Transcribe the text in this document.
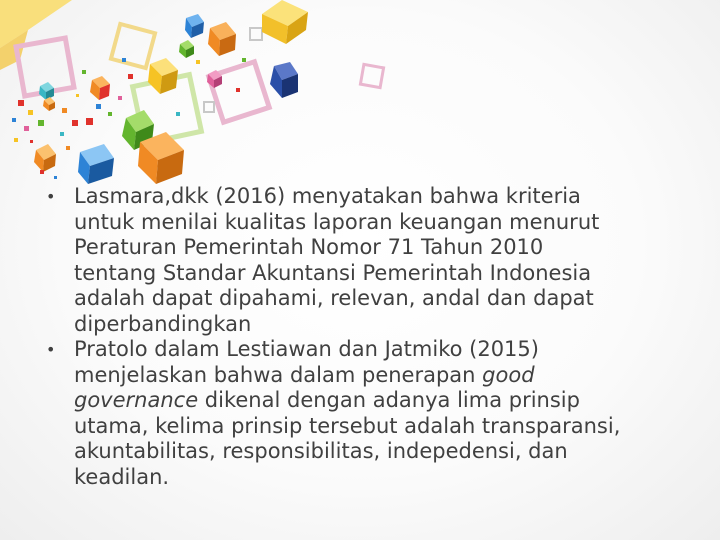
• Lasmara,dkk (2016) menyatakan bahwa kriteria
untuk menilai kualitas laporan keuangan menurut
Peraturan Pemerintah Nomor 71 Tahun 2010
tentang Standar Akuntansi Pemerintah Indonesia
adalah dapat dipahami, relevan, andal dan dapat
diperbandingkan
• Pratolo dalam Lestiawan dan Jatmiko (2015)
menjelaskan bahwa dalam penerapan good
governance dikenal dengan adanya lima prinsip
utama, kelima prinsip tersebut adalah transparansi,
akuntabilitas, responsibilitas, indepedensi, dan
keadilan.
